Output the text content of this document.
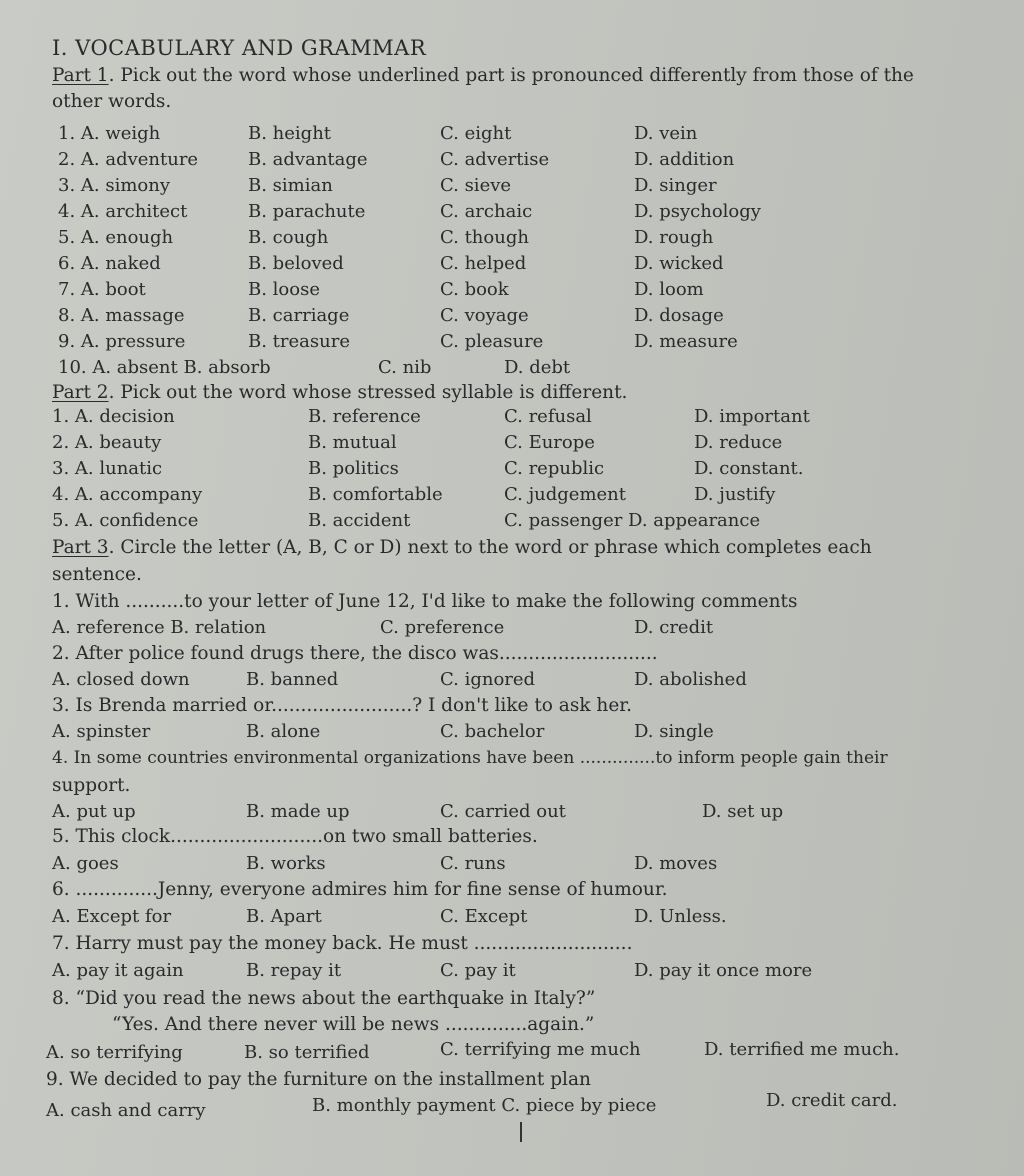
I. VOCABULARY AND GRAMMAR
Part 1. Pick out the word whose underlined part is pronounced differently from those of the
other words.
1. A. weigh	B. height	C. eight	D. vein
2. A. adventure	B. advantage	C. advertise	D. addition
3. A. simony	B. simian	C. sieve	D. singer
4. A. architect	B. parachute	C. archaic	D. psychology
5. A. enough	B. cough	C. though	D. rough
6. A. naked	B. beloved	C. helped	D. wicked
7. A. boot	B. loose	C. book	D. loom
8. A. massage	B. carriage	C. voyage	D. dosage
9. A. pressure	B. treasure	C. pleasure	D. measure
10. A. absent B. absorb	C. nib	D. debt
Part 2. Pick out the word whose stressed syllable is different.
1. A. decision	B. reference	C. refusal	D. important
2. A. beauty	B. mutual	C. Europe	D. reduce
3. A. lunatic	B. politics	C. republic	D. constant.
4. A. accompany	B. comfortable	C. judgement	D. justify
5. A. confidence	B. accident	C. passenger D. appearance
Part 3. Circle the letter (A, B, C or D) next to the word or phrase which completes each
sentence.
1. With ..........to your letter of June 12, I'd like to make the following comments
A. reference B. relation	C. preference	D. credit
2. After police found drugs there, the disco was...........................
A. closed down	B. banned	C. ignored	D. abolished
3. Is Brenda married or........................? I don't like to ask her.
A. spinster	B. alone	C. bachelor	D. single
4. In some countries environmental organizations have been ..............to inform people gain their
support.
A. put up	B. made up	C. carried out	D. set up
5. This clock..........................on two small batteries.
A. goes	B. works	C. runs	D. moves
6. ..............Jenny, everyone admires him for fine sense of humour.
A. Except for	B. Apart	C. Except	D. Unless.
7. Harry must pay the money back. He must ...........................
A. pay it again	B. repay it	C. pay it	D. pay it once more
8. “Did you read the news about the earthquake in Italy?”
“Yes. And there never will be news ..............again.”
A. so terrifying	B. so terrified	C. terrifying me much	D. terrified me much.
9. We decided to pay the furniture on the installment plan
A. cash and carry	B. monthly payment C. piece by piece	D. credit card.
